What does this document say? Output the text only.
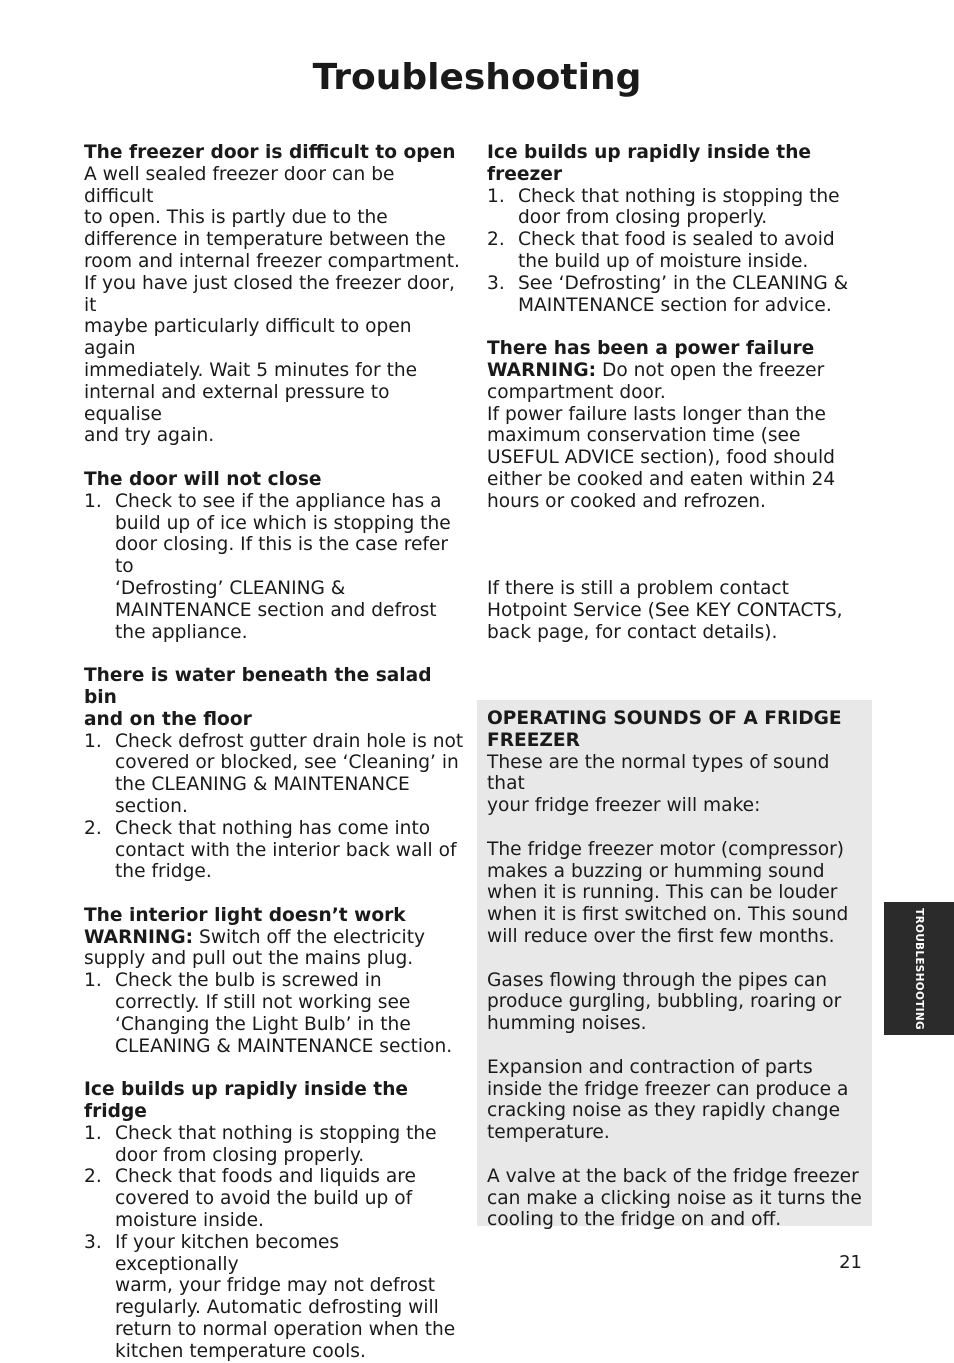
Troubleshooting
The freezer door is difficult to open
A well sealed freezer door can be difficult
to open. This is partly due to the
difference in temperature between the
room and internal freezer compartment.
If you have just closed the freezer door, it
maybe particularly difficult to open again
immediately. Wait 5 minutes for the
internal and external pressure to equalise
and try again.
The door will not close
1. Check to see if the appliance has a
build up of ice which is stopping the
door closing. If this is the case refer to
‘Defrosting’ CLEANING &
MAINTENANCE section and defrost
the appliance.
There is water beneath the salad bin
and on the floor
1. Check defrost gutter drain hole is not
covered or blocked, see ‘Cleaning’ in
the CLEANING & MAINTENANCE
section.
2. Check that nothing has come into
contact with the interior back wall of
the fridge.
The interior light doesn’t work
WARNING: Switch off the electricity
supply and pull out the mains plug.
1. Check the bulb is screwed in
correctly. If still not working see
‘Changing the Light Bulb’ in the
CLEANING & MAINTENANCE section.
Ice builds up rapidly inside the fridge
1. Check that nothing is stopping the
door from closing properly.
2. Check that foods and liquids are
covered to avoid the build up of
moisture inside.
3. If your kitchen becomes exceptionally
warm, your fridge may not defrost
regularly. Automatic defrosting will
return to normal operation when the
kitchen temperature cools.
Ice builds up rapidly inside the freezer
1. Check that nothing is stopping the
door from closing properly.
2. Check that food is sealed to avoid
the build up of moisture inside.
3. See ‘Defrosting’ in the CLEANING &
MAINTENANCE section for advice.
There has been a power failure
WARNING: Do not open the freezer
compartment door.
If power failure lasts longer than the
maximum conservation time (see
USEFUL ADVICE section), food should
either be cooked and eaten within 24
hours or cooked and refrozen.
If there is still a problem contact
Hotpoint Service (See KEY CONTACTS,
back page, for contact details).
OPERATING SOUNDS OF A FRIDGE
FREEZER
These are the normal types of sound that
your fridge freezer will make:
The fridge freezer motor (compressor)
makes a buzzing or humming sound
when it is running. This can be louder
when it is first switched on. This sound
will reduce over the first few months.
Gases flowing through the pipes can
produce gurgling, bubbling, roaring or
humming noises.
Expansion and contraction of parts
inside the fridge freezer can produce a
cracking noise as they rapidly change
temperature.
A valve at the back of the fridge freezer
can make a clicking noise as it turns the
cooling to the fridge on and off.
TROUBLESHOOTING
21
